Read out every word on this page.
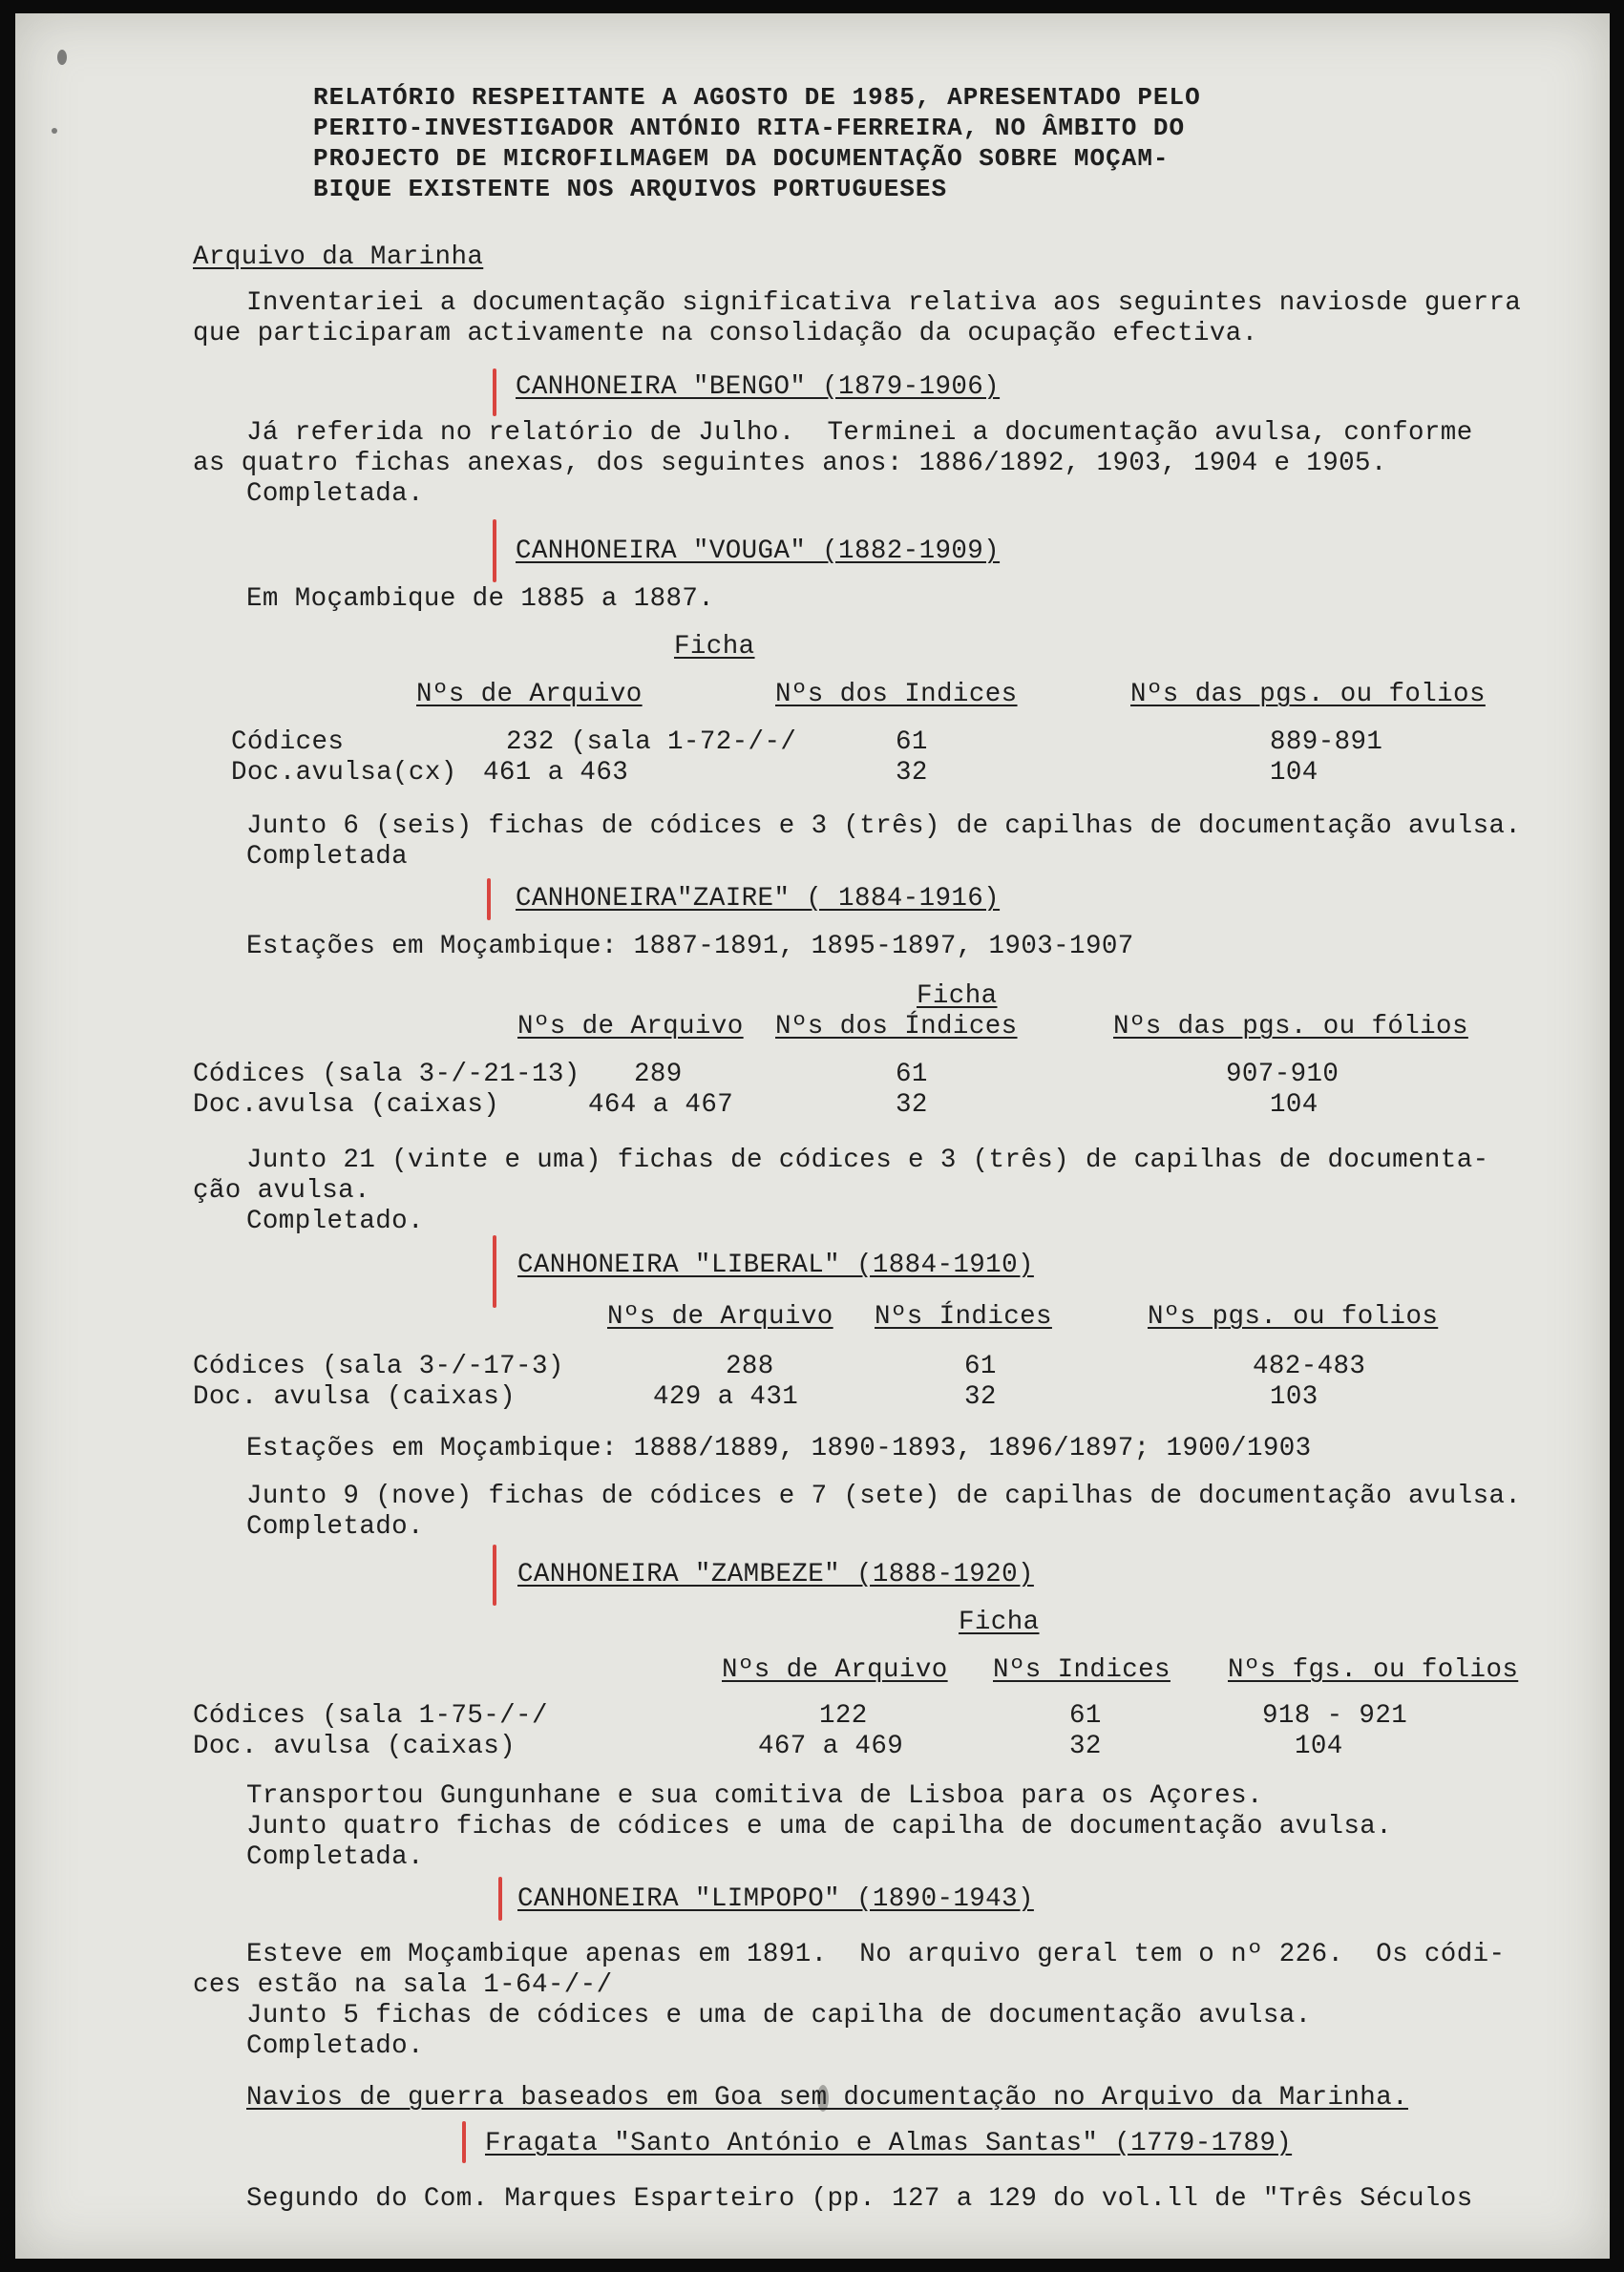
RELATÓRIO RESPEITANTE A AGOSTO DE 1985, APRESENTADO PELO
PERITO-INVESTIGADOR ANTÓNIO RITA-FERREIRA, NO ÂMBITO DO
PROJECTO DE MICROFILMAGEM DA DOCUMENTAÇÃO SOBRE MOÇAM-
BIQUE EXISTENTE NOS ARQUIVOS PORTUGUESES
Arquivo da Marinha
Inventariei a documentação significativa relativa aos seguintes naviosde guerra
que participaram activamente na consolidação da ocupação efectiva.
CANHONEIRA "BENGO" (1879-1906)
Já referida no relatório de Julho.  Terminei a documentação avulsa, conforme
as quatro fichas anexas, dos seguintes anos: 1886/1892, 1903, 1904 e 1905.
Completada.
CANHONEIRA "VOUGA" (1882-1909)
Em Moçambique de 1885 a 1887.
Ficha
Nºs de Arquivo	Nºs dos Indices	Nºs das pgs. ou folios
Códices	232 (sala 1-72-/-/	61	889-891
Doc.avulsa(cx) 461 a 463	32	104
Junto 6 (seis) fichas de códices e 3 (três) de capilhas de documentação avulsa.
Completada
CANHONEIRA"ZAIRE" ( 1884-1916)
Estações em Moçambique: 1887-1891, 1895-1897, 1903-1907
Ficha
Nºs de Arquivo Nºs dos Índices	Nºs das pgs. ou fólios
Códices (sala 3-/-21-13) 289	61	907-910
Doc.avulsa (caixas)	464 a 467	32	104
Junto 21 (vinte e uma) fichas de códices e 3 (três) de capilhas de documenta-
ção avulsa.
Completado.
CANHONEIRA "LIBERAL" (1884-1910)
Nºs de Arquivo Nºs Índices	Nºs pgs. ou folios
Códices (sala 3-/-17-3)	288	61	482-483
Doc. avulsa (caixas)	429 a 431	32	103
Estações em Moçambique: 1888/1889, 1890-1893, 1896/1897; 1900/1903
Junto 9 (nove) fichas de códices e 7 (sete) de capilhas de documentação avulsa.
Completado.
CANHONEIRA "ZAMBEZE" (1888-1920)
Ficha
Nºs de Arquivo Nºs Indices Nºs fgs. ou folios
Códices (sala 1-75-/-/	122	61	918 - 921
Doc. avulsa (caixas)	467 a 469	32	104
Transportou Gungunhane e sua comitiva de Lisboa para os Açores.
Junto quatro fichas de códices e uma de capilha de documentação avulsa.
Completada.
CANHONEIRA "LIMPOPO" (1890-1943)
Esteve em Moçambique apenas em 1891.  No arquivo geral tem o nº 226.  Os códi-
ces estão na sala 1-64-/-/
Junto 5 fichas de códices e uma de capilha de documentação avulsa.
Completado.
Navios de guerra baseados em Goa sem documentação no Arquivo da Marinha.
Fragata "Santo António e Almas Santas" (1779-1789)
Segundo do Com. Marques Esparteiro (pp. 127 a 129 do vol.ll de "Três Séculos
